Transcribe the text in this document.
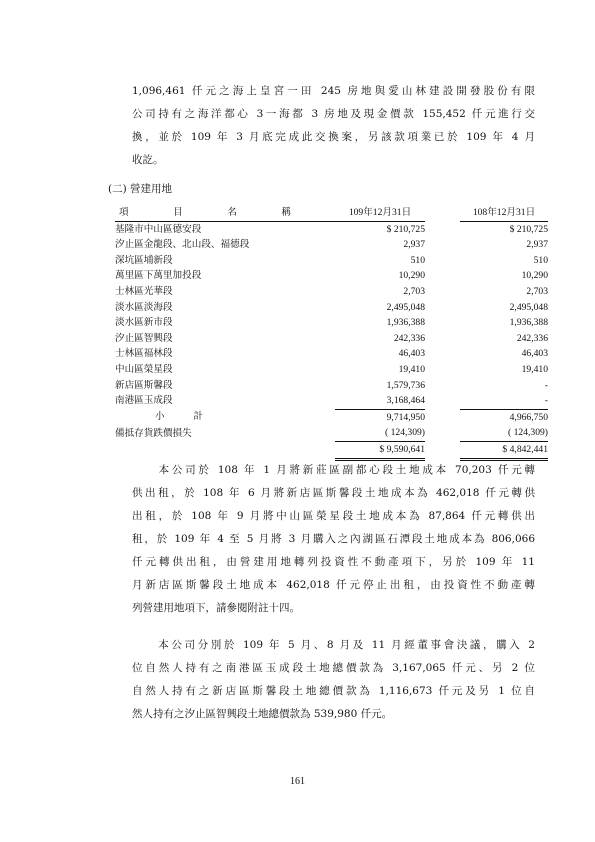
1,096,461 仟元之海上皇宮一田 245 房地與愛山林建設開發股份有限
公司持有之海洋都心 3一海都 3 房地及現金價款 155,452 仟元進行交
換，並於 109 年 3 月底完成此交換案，另該款項業已於 109 年 4 月
收訖。
(二) 營建用地
項 目 名 稱	109年12月31日		108年12月31日
基隆市中山區德安段	$ 210,725		$ 210,725
汐止區金龍段、北山段、福德段	2,937		2,937
深坑區埔新段	510		510
萬里區下萬里加投段	10,290		10,290
士林區光華段	2,703		2,703
淡水區淡海段	2,495,048		2,495,048
淡水區新市段	1,936,388		1,936,388
汐止區智興段	242,336		242,336
士林區福林段	46,403		46,403
中山區榮星段	19,410		19,410
新店區斯馨段	1,579,736		-
南港區玉成段	3,168,464		-
小　　　計	9,714,950		4,966,750
備抵存貨跌價損失	( 124,309)		( 124,309)
	$ 9,590,641		$ 4,842,441
　　本公司於 108 年 1 月將新莊區副都心段土地成本 70,203 仟元轉
供出租，於 108 年 6 月將新店區斯馨段土地成本為 462,018 仟元轉供
出租，於 108 年 9 月將中山區榮星段土地成本為 87,864 仟元轉供出
租，於 109 年 4 至 5 月將 3 月購入之內湖區石潭段土地成本為 806,066
仟元轉供出租，由營建用地轉列投資性不動產項下，另於 109 年 11
月新店區斯馨段土地成本 462,018 仟元停止出租，由投資性不動產轉
列營建用地項下，請參閱附註十四。
　　本公司分別於 109 年 5 月、8 月及 11 月經董事會決議，購入 2
位自然人持有之南港區玉成段土地總價款為 3,167,065 仟元、另 2 位
自然人持有之新店區斯馨段土地總價款為 1,116,673 仟元及另 1 位自
然人持有之汐止區智興段土地總價款為 539,980 仟元。
161
